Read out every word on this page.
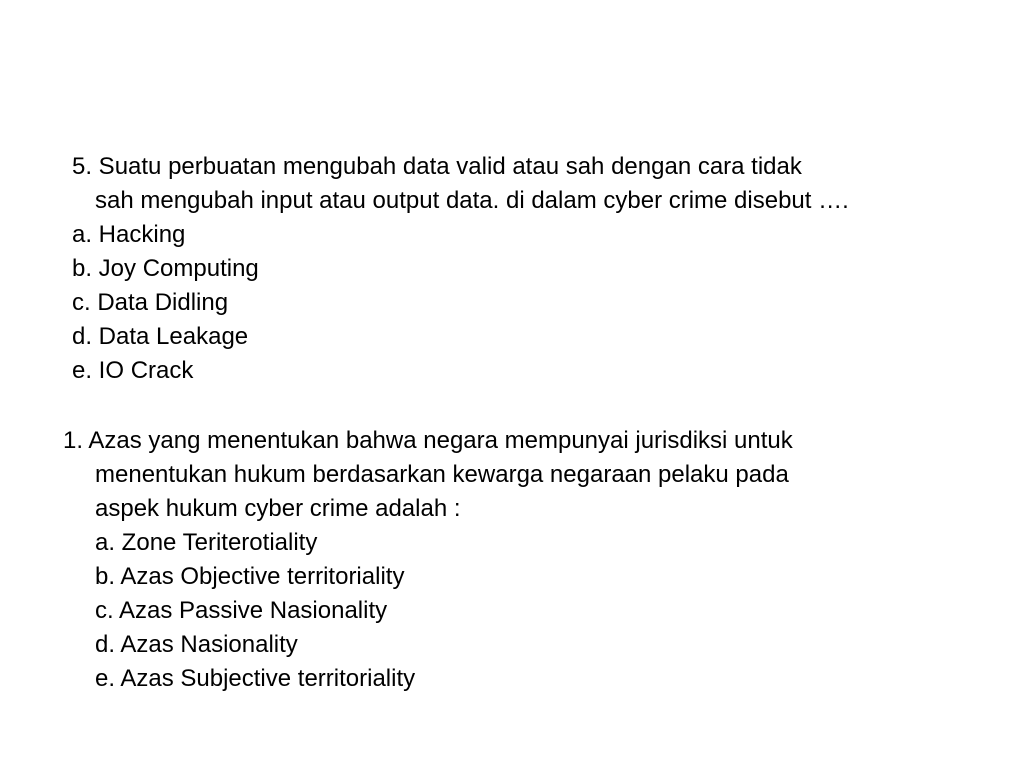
5. Suatu perbuatan mengubah data valid atau sah dengan cara tidak
sah mengubah input atau output data. di dalam cyber crime disebut ….
a. Hacking
b. Joy Computing
c. Data Didling
d. Data Leakage
e. IO Crack
1. Azas yang menentukan bahwa negara mempunyai jurisdiksi untuk
menentukan hukum berdasarkan kewarga negaraan pelaku pada
aspek hukum cyber crime adalah :
a. Zone Teriterotiality
b. Azas Objective territoriality
c. Azas Passive Nasionality
d. Azas Nasionality
e. Azas Subjective territoriality
